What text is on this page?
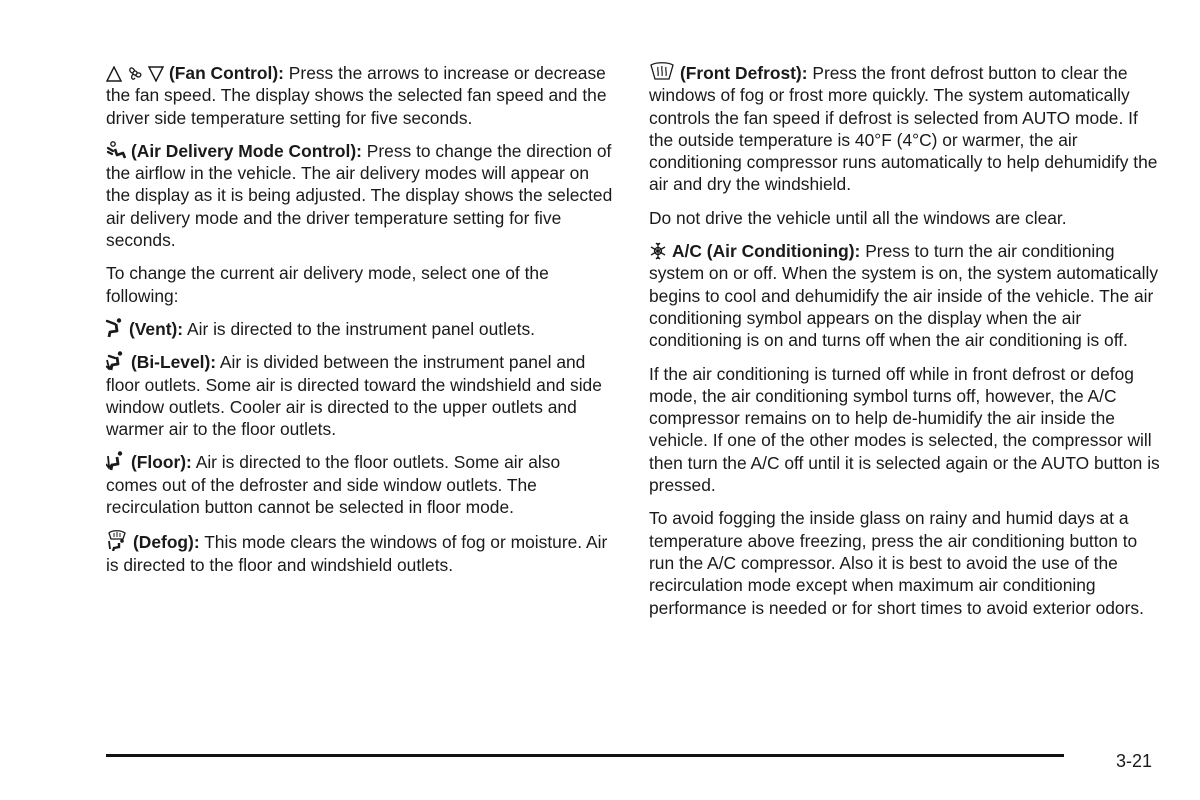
(Fan Control): Press the arrows to increase or decrease the fan speed. The display shows the selected fan speed and the driver side temperature setting for five seconds.

(Air Delivery Mode Control): Press to change the direction of the airflow in the vehicle. The air delivery modes will appear on the display as it is being adjusted. The display shows the selected air delivery mode and the driver temperature setting for five seconds.

To change the current air delivery mode, select one of the following:

(Vent): Air is directed to the instrument panel outlets.

(Bi-Level): Air is divided between the instrument panel and floor outlets. Some air is directed toward the windshield and side window outlets. Cooler air is directed to the upper outlets and warmer air to the floor outlets.

(Floor): Air is directed to the floor outlets. Some air also comes out of the defroster and side window outlets. The recirculation button cannot be selected in floor mode.

(Defog): This mode clears the windows of fog or moisture. Air is directed to the floor and windshield outlets.

(Front Defrost): Press the front defrost button to clear the windows of fog or frost more quickly. The system automatically controls the fan speed if defrost is selected from AUTO mode. If the outside temperature is 40°F (4°C) or warmer, the air conditioning compressor runs automatically to help dehumidify the air and dry the windshield.

Do not drive the vehicle until all the windows are clear.

A/C (Air Conditioning): Press to turn the air conditioning system on or off. When the system is on, the system automatically begins to cool and dehumidify the air inside of the vehicle. The air conditioning symbol appears on the display when the air conditioning is on and turns off when the air conditioning is off.

If the air conditioning is turned off while in front defrost or defog mode, the air conditioning symbol turns off, however, the A/C compressor remains on to help de-humidify the air inside the vehicle. If one of the other modes is selected, the compressor will then turn the A/C off until it is selected again or the AUTO button is pressed.

To avoid fogging the inside glass on rainy and humid days at a temperature above freezing, press the air conditioning button to run the A/C compressor. Also it is best to avoid the use of the recirculation mode except when maximum air conditioning performance is needed or for short times to avoid exterior odors.

3-21
